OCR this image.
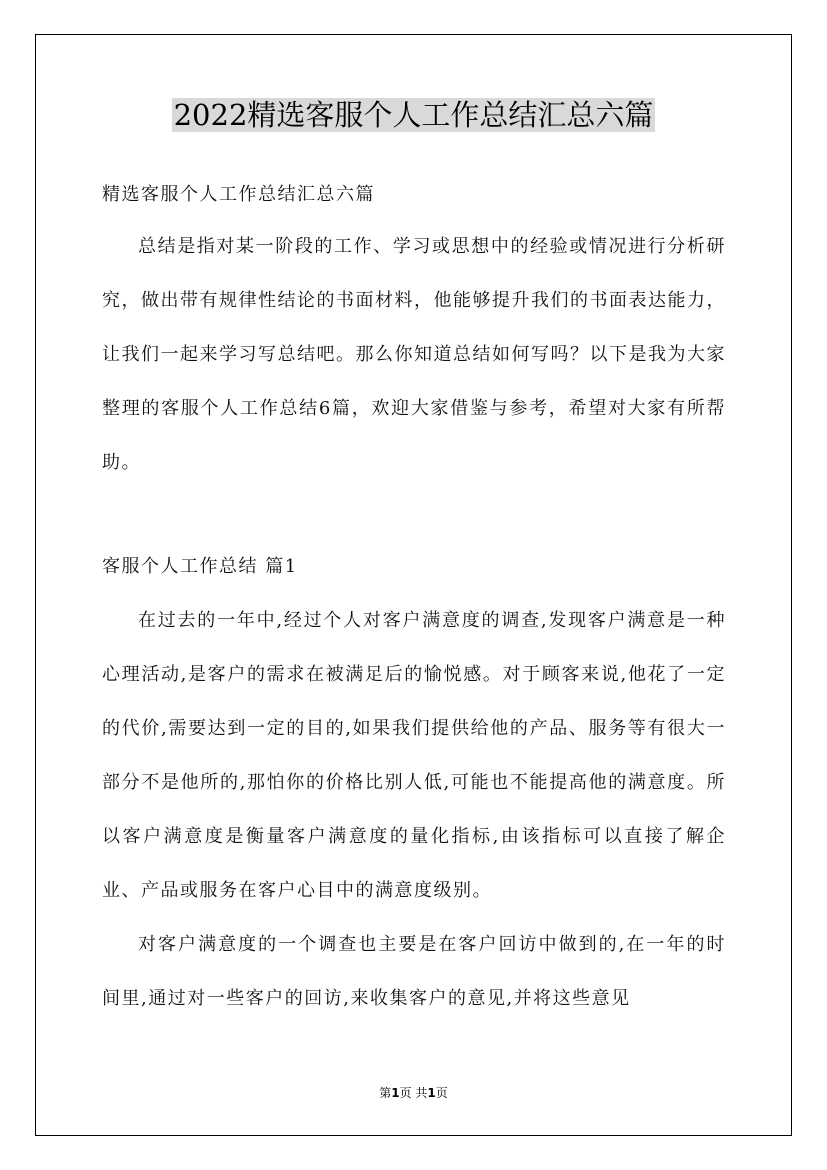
2022精选客服个人工作总结汇总六篇

精选客服个人工作总结汇总六篇

总结是指对某一阶段的工作、学习或思想中的经验或情况进行分析研究，做出带有规律性结论的书面材料，他能够提升我们的书面表达能力，让我们一起来学习写总结吧。那么你知道总结如何写吗？以下是我为大家整理的客服个人工作总结6篇，欢迎大家借鉴与参考，希望对大家有所帮助。

客服个人工作总结 篇1

在过去的一年中,经过个人对客户满意度的调查,发现客户满意是一种心理活动,是客户的需求在被满足后的愉悦感。对于顾客来说,他花了一定的代价,需要达到一定的目的,如果我们提供给他的产品、服务等有很大一部分不是他所的,那怕你的价格比别人低,可能也不能提高他的满意度。所以客户满意度是衡量客户满意度的量化指标,由该指标可以直接了解企业、产品或服务在客户心目中的满意度级别。

对客户满意度的一个调查也主要是在客户回访中做到的,在一年的时间里,通过对一些客户的回访,来收集客户的意见,并将这些意见

第1页 共1页
